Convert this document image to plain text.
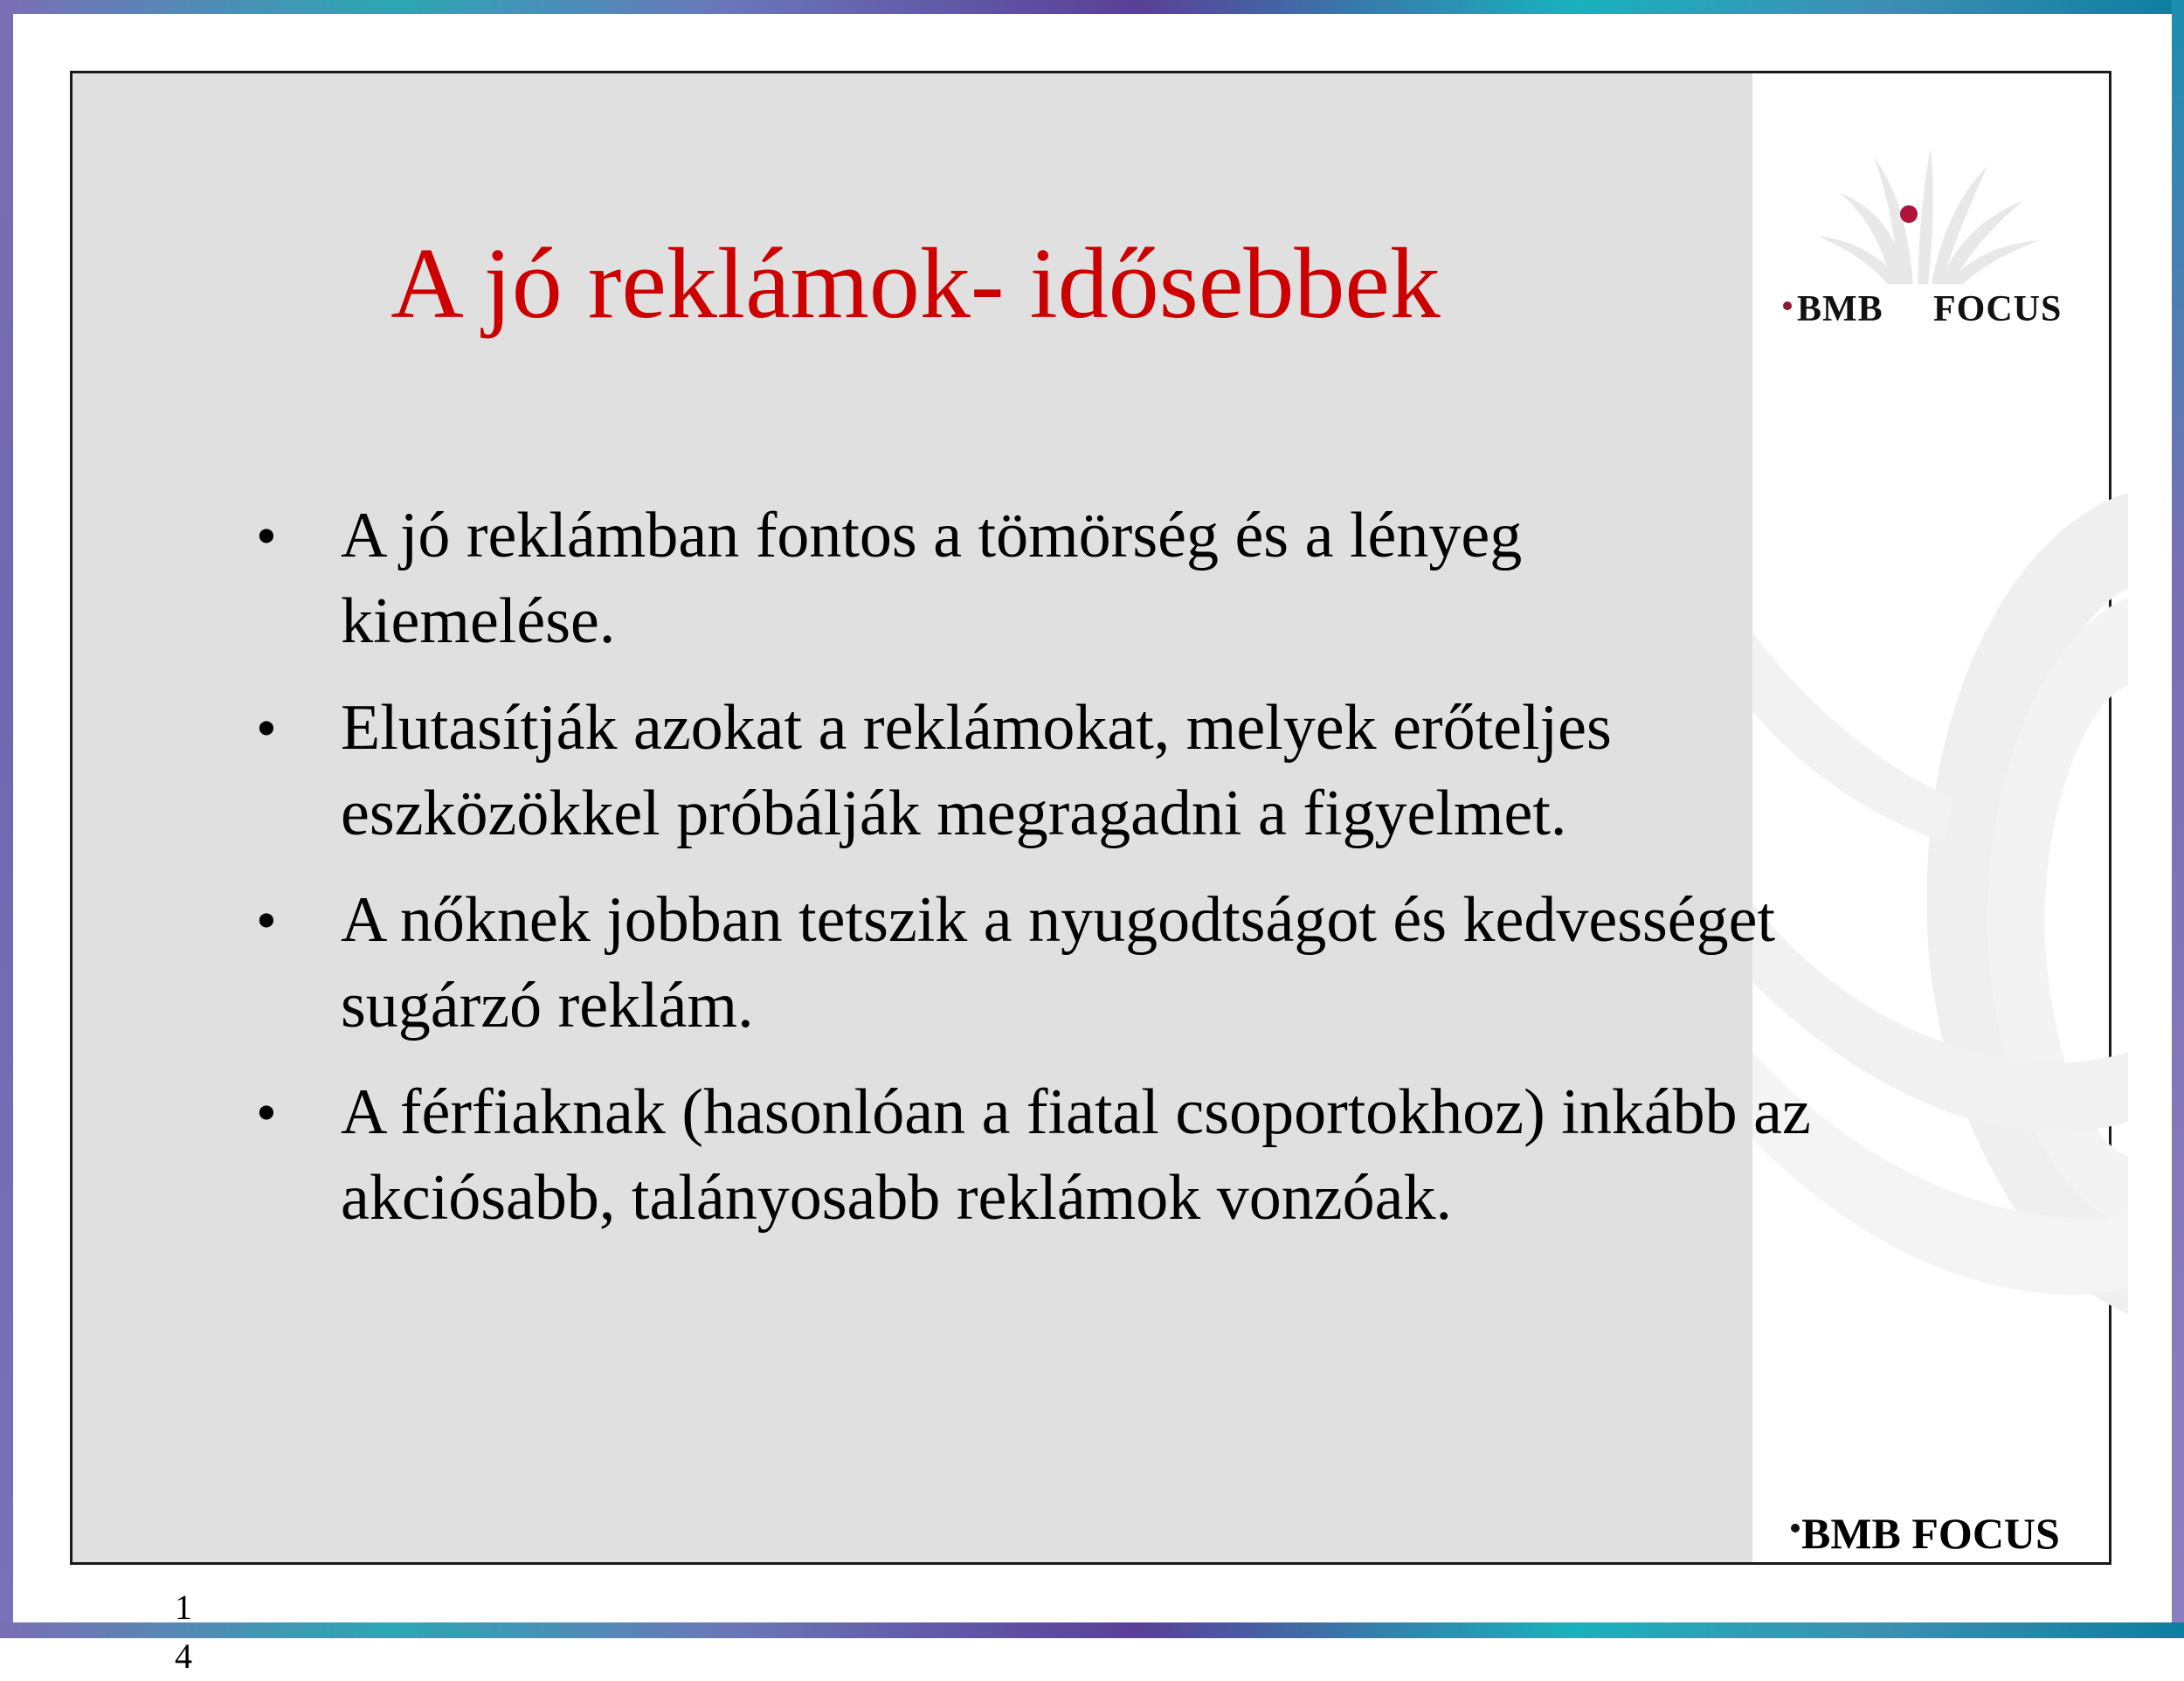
A jó reklámok- idősebbek
• A jó reklámban fontos a tömörség és a lényeg kiemelése.
• Elutasítják azokat a reklámokat, melyek erőteljes eszközökkel próbálják megragadni a figyelmet.
• A nőknek jobban tetszik a nyugodtságot és kedvességet sugárzó reklám.
• A férfiaknak (hasonlóan a fiatal csoportokhoz) inkább az akciósabb, talányosabb reklámok vonzóak.
14
BMB FOCUS
BMB FOCUS
